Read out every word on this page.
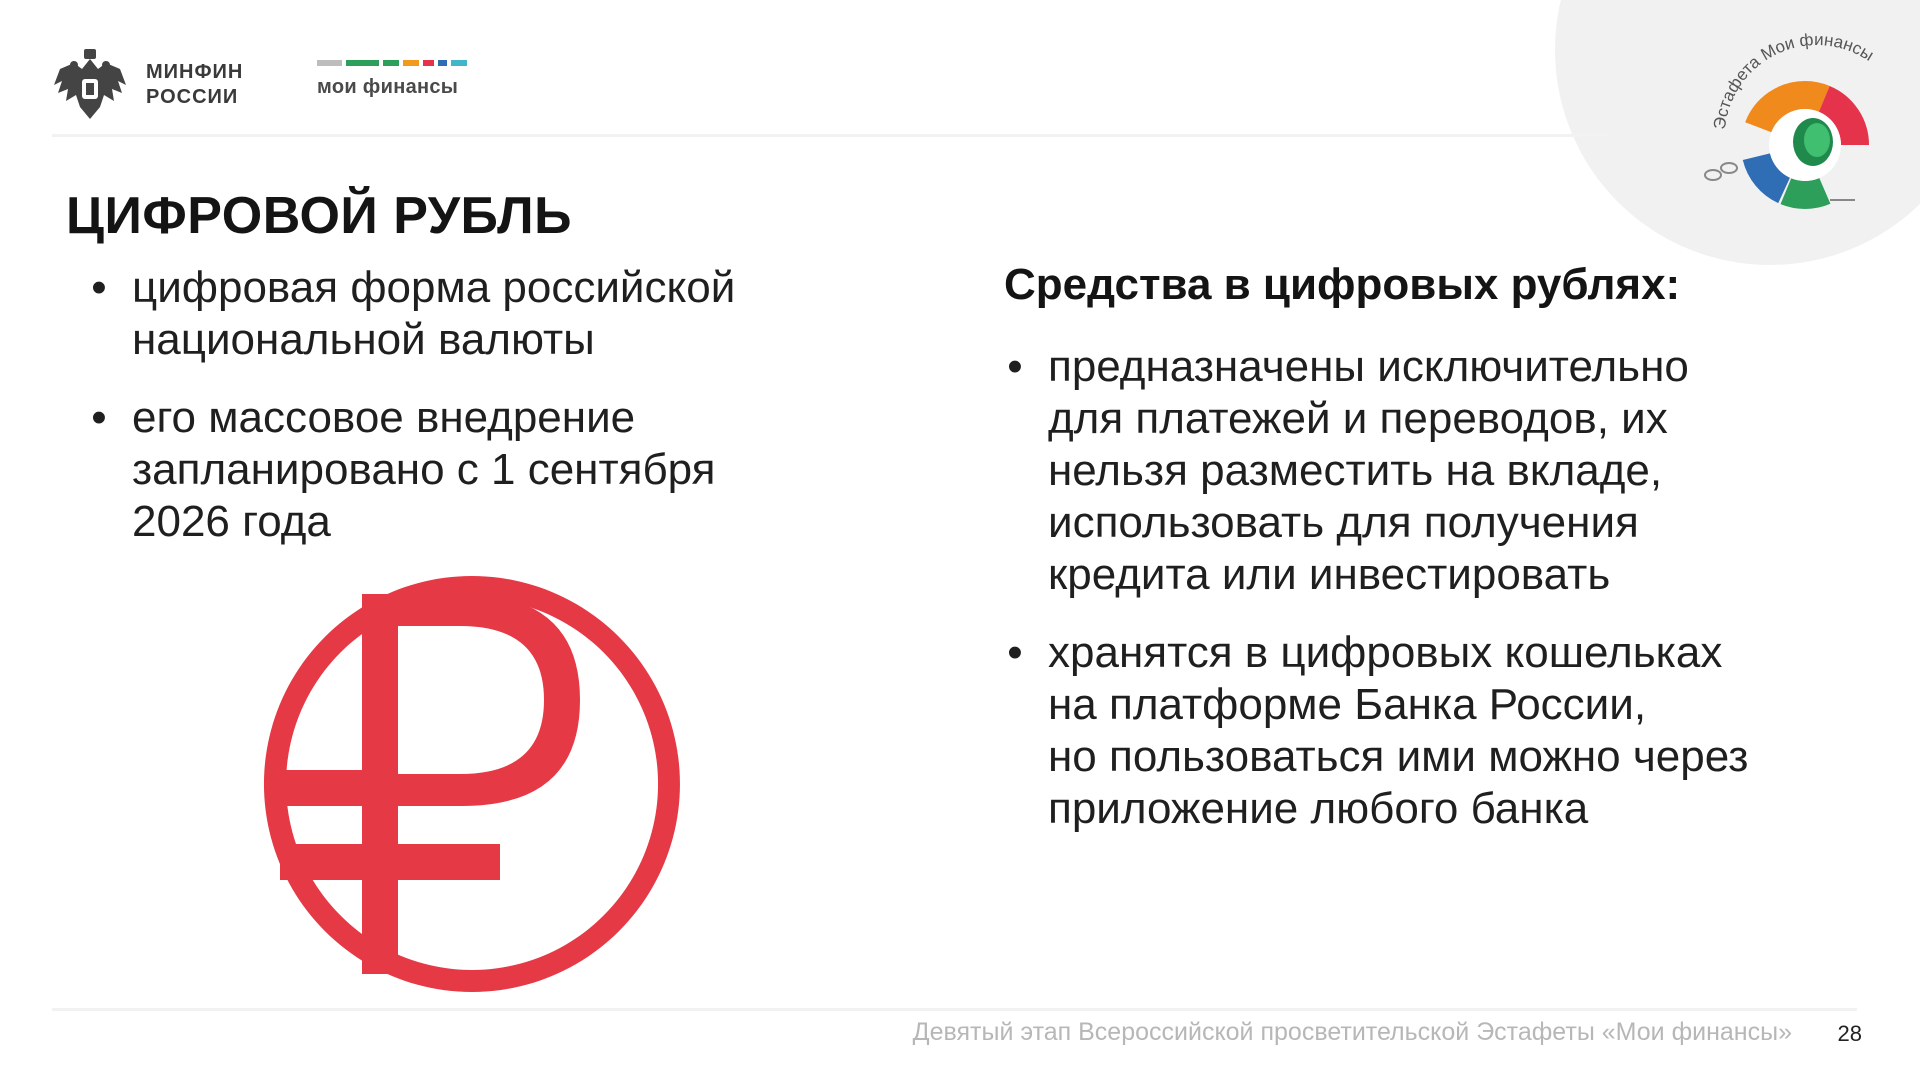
Эстафета Мои финансы
МИНФИН
РОССИИ	мои финансы
ЦИФРОВОЙ РУБЛЬ
• цифровая форма российской
национальной валюты
• его массовое внедрение
запланировано с 1 сентября
2026 года
Средства в цифровых рублях:
• предназначены исключительно
для платежей и переводов, их
нельзя разместить на вкладе,
использовать для получения
кредита или инвестировать
• хранятся в цифровых кошельках
на платформе Банка России,
но пользоваться ими можно через
приложение любого банка
Девятый этап Всероссийской просветительской Эстафеты «Мои финансы» 28
